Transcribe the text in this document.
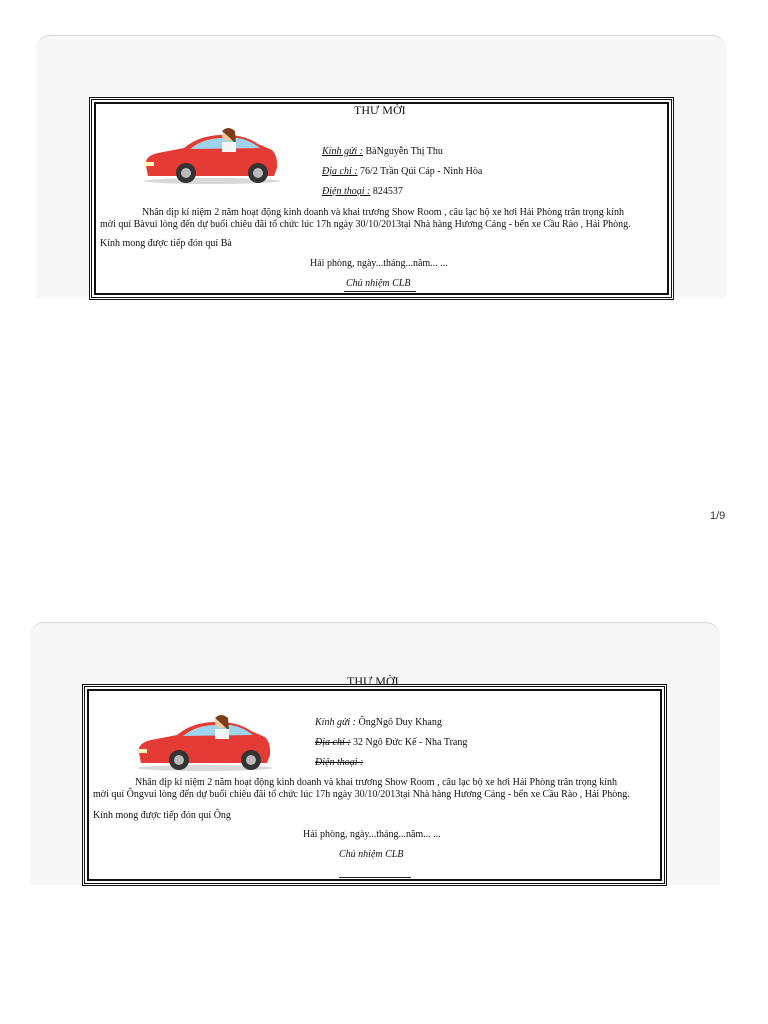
THƯ MỜI
Kính gửi : BàNguyễn Thị Thu
Địa chỉ : 76/2 Trần Qúi Cáp - Ninh Hòa
Điện thoại : 824537
Nhân dịp kỉ niệm 2 năm hoạt động kinh doanh và khai trương Show Room , câu lạc bộ xe hơi Hải Phòng trân trọng kính
mời quí Bàvui lòng đến dự buổi chiêu đãi tổ chức lúc 17h ngày 30/10/2013tại Nhà hàng Hương Cảng - bến xe Cầu Rào , Hải Phòng.
Kính mong được tiếp đón quí Bà
Hải phòng, ngày...tháng...năm... ...
Chủ nhiệm CLB
1/9
THƯ MỜI
Kính gửi : ÔngNgô Duy Khang
Địa chỉ : 32 Ngô Đức Kế - Nha Trang
Điện thoại :
Nhân dịp kỉ niệm 2 năm hoạt động kinh doanh và khai trương Show Room , câu lạc bộ xe hơi Hải Phòng trân trọng kính
mời quí Ôngvui lòng đến dự buổi chiêu đãi tổ chức lúc 17h ngày 30/10/2013tại Nhà hàng Hương Cảng - bến xe Cầu Rào , Hải Phòng.
Kính mong được tiếp đón quí Ông
Hải phòng, ngày...tháng...năm... ...
Chủ nhiệm CLB
